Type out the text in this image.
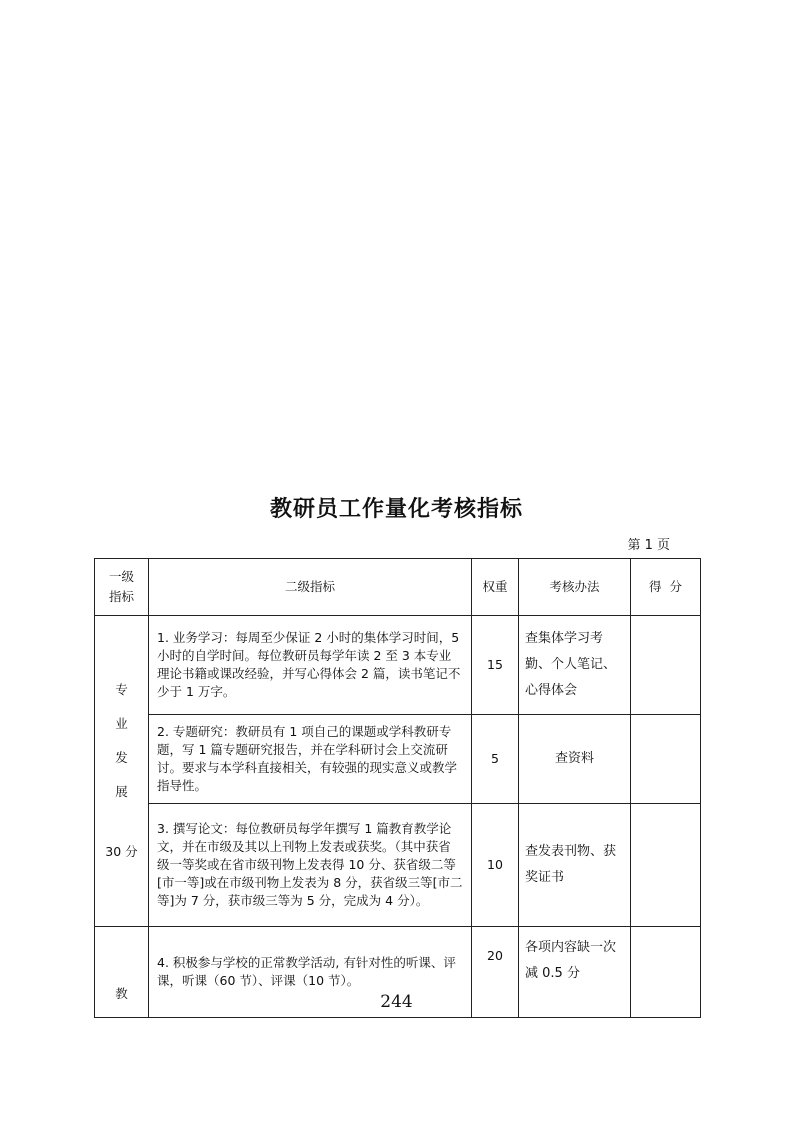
教研员工作量化考核指标
第 1 页
一级
指标	二级指标	权重	考核办法	得  分

专
业
发
展
30 分	1. 业务学习：每周至少保证 2 小时的集体学习时间，5 小时的自学时间。每位教研员每学年读 2 至 3 本专业理论书籍或课改经验，并写心得体会 2 篇，读书笔记不少于 1 万字。	15	查集体学习考勤、个人笔记、心得体会	
	2. 专题研究：教研员有 1 项自己的课题或学科教研专题，写 1 篇专题研究报告，并在学科研讨会上交流研讨。要求与本学科直接相关，有较强的现实意义或教学指导性。	5	查资料	
	3. 撰写论文：每位教研员每学年撰写 1 篇教育教学论文，并在市级及其以上刊物上发表或获奖。（其中获省级一等奖或在省市级刊物上发表得 10 分、获省级二等[市一等]或在市级刊物上发表为 8 分，获省级三等[市二等]为 7 分，获市级三等为 5 分，完成为 4 分）。	10	查发表刊物、获奖证书	

教	4. 积极参与学校的正常教学活动, 有针对性的听课、评课，听课（60 节）、评课（10 节）。	20	各项内容缺一次减 0.5 分	
244
